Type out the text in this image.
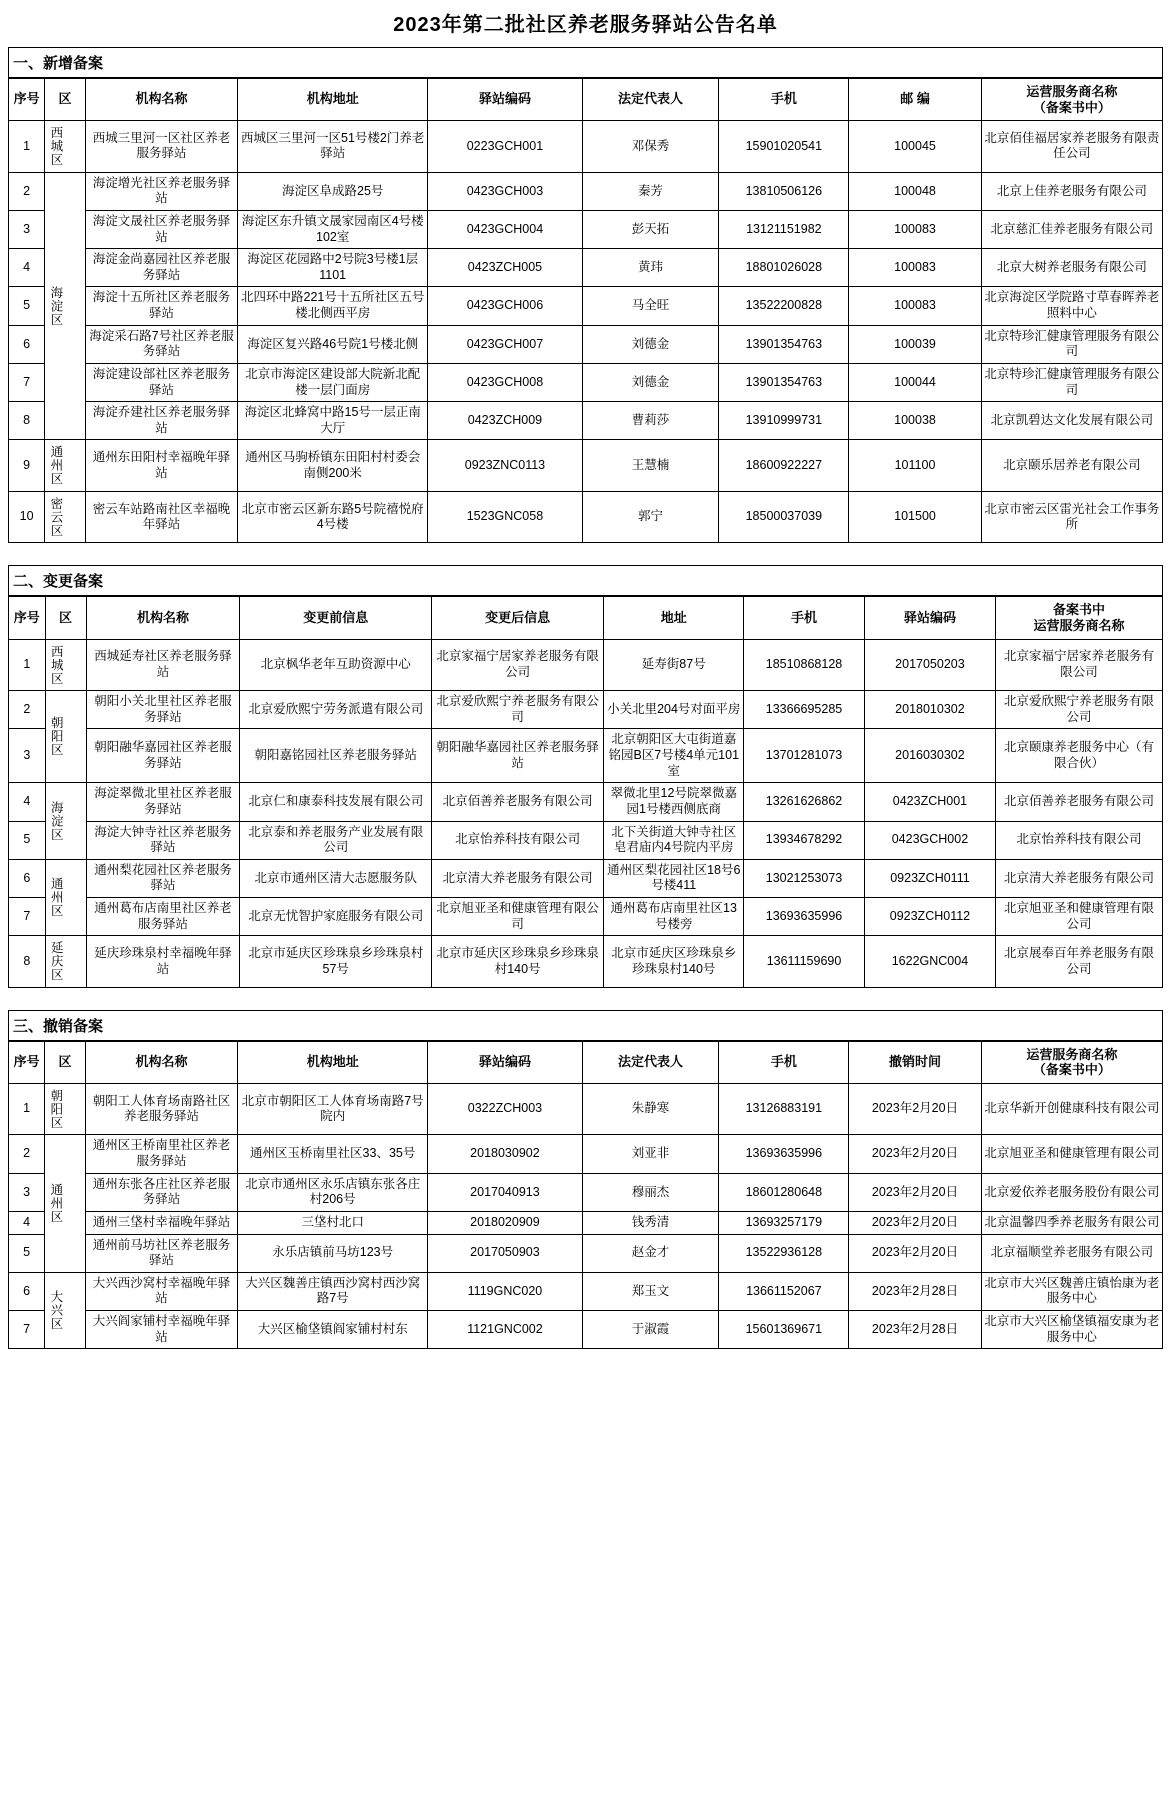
2023年第二批社区养老服务驿站公告名单
一、新增备案
序号	区	机构名称	机构地址	驿站编码	法定代表人	手机	邮 编	运营服务商名称
（备案书中）

1	西城区	西城三里河一区社区养老服务驿站	西城区三里河一区51号楼2门养老驿站	0223GCH001	邓保秀	15901020541	100045	北京佰佳福居家养老服务有限责任公司
2	海淀区	海淀增光社区养老服务驿站	海淀区阜成路25号	0423GCH003	秦芳	13810506126	100048	北京上佳养老服务有限公司
3		海淀文晟社区养老服务驿站	海淀区东升镇文晟家园南区4号楼102室	0423GCH004	彭天拓	13121151982	100083	北京慈汇佳养老服务有限公司
4		海淀金尚嘉园社区养老服务驿站	海淀区花园路中2号院3号楼1层1101	0423ZCH005	黄玮	18801026028	100083	北京大树养老服务有限公司
5		海淀十五所社区养老服务驿站	北四环中路221号十五所社区五号楼北侧西平房	0423GCH006	马全旺	13522200828	100083	北京海淀区学院路寸草春晖养老照料中心
6		海淀采石路7号社区养老服务驿站	海淀区复兴路46号院1号楼北侧	0423GCH007	刘德金	13901354763	100039	北京特珍汇健康管理服务有限公司
7		海淀建设部社区养老服务驿站	北京市海淀区建设部大院新北配楼一层门面房	0423GCH008	刘德金	13901354763	100044	北京特珍汇健康管理服务有限公司
8		海淀乔建社区养老服务驿站	海淀区北蜂窝中路15号一层正南大厅	0423ZCH009	曹莉莎	13910999731	100038	北京凯碧达文化发展有限公司
9	通州区	通州东田阳村幸福晚年驿站	通州区马驹桥镇东田阳村村委会南侧200米	0923ZNC0113	王慧楠	18600922227	101100	北京颐乐居养老有限公司
10	密云区	密云车站路南社区幸福晚年驿站	北京市密云区新东路5号院禧悦府4号楼	1523GNC058	郭宁	18500037039	101500	北京市密云区雷光社会工作事务所
二、变更备案
序号	区	机构名称	变更前信息	变更后信息	地址	手机	驿站编码	备案书中
运营服务商名称

1	西城区	西城延寿社区养老服务驿站	北京枫华老年互助资源中心	北京家福宁居家养老服务有限公司	延寿街87号	18510868128	2017050203	北京家福宁居家养老服务有限公司
2	朝阳区	朝阳小关北里社区养老服务驿站	北京爱欣熙宁劳务派遣有限公司	北京爱欣熙宁养老服务有限公司	小关北里204号对面平房	13366695285	2018010302	北京爱欣熙宁养老服务有限公司
3		朝阳融华嘉园社区养老服务驿站	朝阳嘉铭园社区养老服务驿站	朝阳融华嘉园社区养老服务驿站	北京朝阳区大屯街道嘉铭园B区7号楼4单元101室	13701281073	2016030302	北京颐康养老服务中心（有限合伙）
4	海淀区	海淀翠微北里社区养老服务驿站	北京仁和康泰科技发展有限公司	北京佰善养老服务有限公司	翠微北里12号院翠微嘉园1号楼西侧底商	13261626862	0423ZCH001	北京佰善养老服务有限公司
5		海淀大钟寺社区养老服务驿站	北京泰和养老服务产业发展有限公司	北京怡养科技有限公司	北下关街道大钟寺社区皂君庙内4号院内平房	13934678292	0423GCH002	北京怡养科技有限公司
6	通州区	通州梨花园社区养老服务驿站	北京市通州区清大志愿服务队	北京清大养老服务有限公司	通州区梨花园社区18号6号楼411	13021253073	0923ZCH0111	北京清大养老服务有限公司
7		通州葛布店南里社区养老服务驿站	北京无忧智护家庭服务有限公司	北京旭亚圣和健康管理有限公司	通州葛布店南里社区13号楼旁	13693635996	0923ZCH0112	北京旭亚圣和健康管理有限公司
8	延庆区	延庆珍珠泉村幸福晚年驿站	北京市延庆区珍珠泉乡珍珠泉村57号	北京市延庆区珍珠泉乡珍珠泉村140号	北京市延庆区珍珠泉乡珍珠泉村140号	13611159690	1622GNC004	北京展奉百年养老服务有限公司
三、撤销备案
序号	区	机构名称	机构地址	驿站编码	法定代表人	手机	撤销时间	运营服务商名称
（备案书中）

1	朝阳区	朝阳工人体育场南路社区养老服务驿站	北京市朝阳区工人体育场南路7号院内	0322ZCH003	朱静寒	13126883191	2023年2月20日	北京华新开创健康科技有限公司
2	通州区	通州区王桥南里社区养老服务驿站	通州区玉桥南里社区33、35号	2018030902	刘亚非	13693635996	2023年2月20日	北京旭亚圣和健康管理有限公司
3		通州东张各庄社区养老服务驿站	北京市通州区永乐店镇东张各庄村206号	2017040913	穆丽杰	18601280648	2023年2月20日	北京爱依养老服务股份有限公司
4		通州三垡村幸福晚年驿站	三垡村北口	2018020909	钱秀清	13693257179	2023年2月20日	北京温馨四季养老服务有限公司
5		通州前马坊社区养老服务驿站	永乐店镇前马坊123号	2017050903	赵金才	13522936128	2023年2月20日	北京福顺堂养老服务有限公司
6	大兴区	大兴西沙窝村幸福晚年驿站	大兴区魏善庄镇西沙窝村西沙窝路7号	1119GNC020	郑玉文	13661152067	2023年2月28日	北京市大兴区魏善庄镇怡康为老服务中心
7		大兴阎家铺村幸福晚年驿站	大兴区榆垡镇阎家铺村村东	1121GNC002	于淑霞	15601369671	2023年2月28日	北京市大兴区榆垡镇福安康为老服务中心
